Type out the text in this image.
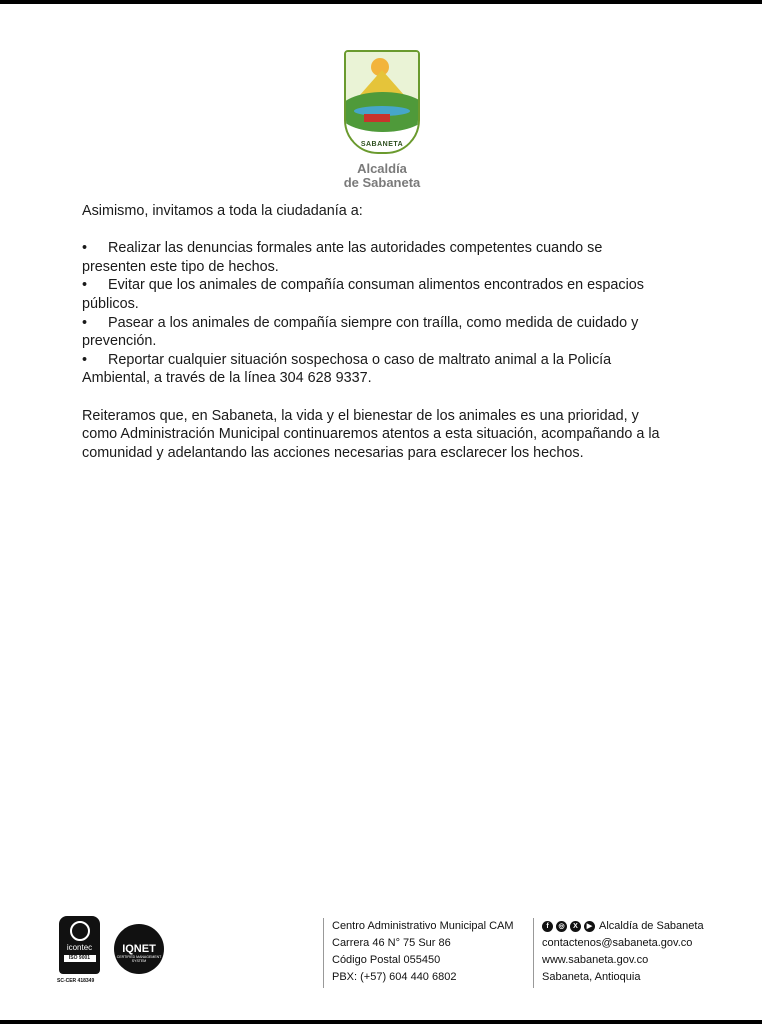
SABANETA
Alcaldía
de Sabaneta

Asimismo, invitamos a toda la ciudadanía a:

• Realizar las denuncias formales ante las autoridades competentes cuando se
presenten este tipo de hechos.
• Evitar que los animales de compañía consuman alimentos encontrados en espacios
públicos.
• Pasear a los animales de compañía siempre con traílla, como medida de cuidado y
prevención.
• Reportar cualquier situación sospechosa o caso de maltrato animal a la Policía
Ambiental, a través de la línea 304 628 9337.

Reiteramos que, en Sabaneta, la vida y el bienestar de los animales es una prioridad, y
como Administración Municipal continuaremos atentos a esta situación, acompañando a la
comunidad y adelantando las acciones necesarias para esclarecer los hechos.

icontec
ISO 9001
SC-CER 418349
IQNET
CERTIFIED MANAGEMENT SYSTEM
Centro Administrativo Municipal CAM
Carrera 46 N° 75 Sur 86
Código Postal 055450
PBX: (+57) 604 440 6802
f	◎	X	▶ Alcaldía de Sabaneta
contactenos@sabaneta.gov.co
www.sabaneta.gov.co
Sabaneta, Antioquia
